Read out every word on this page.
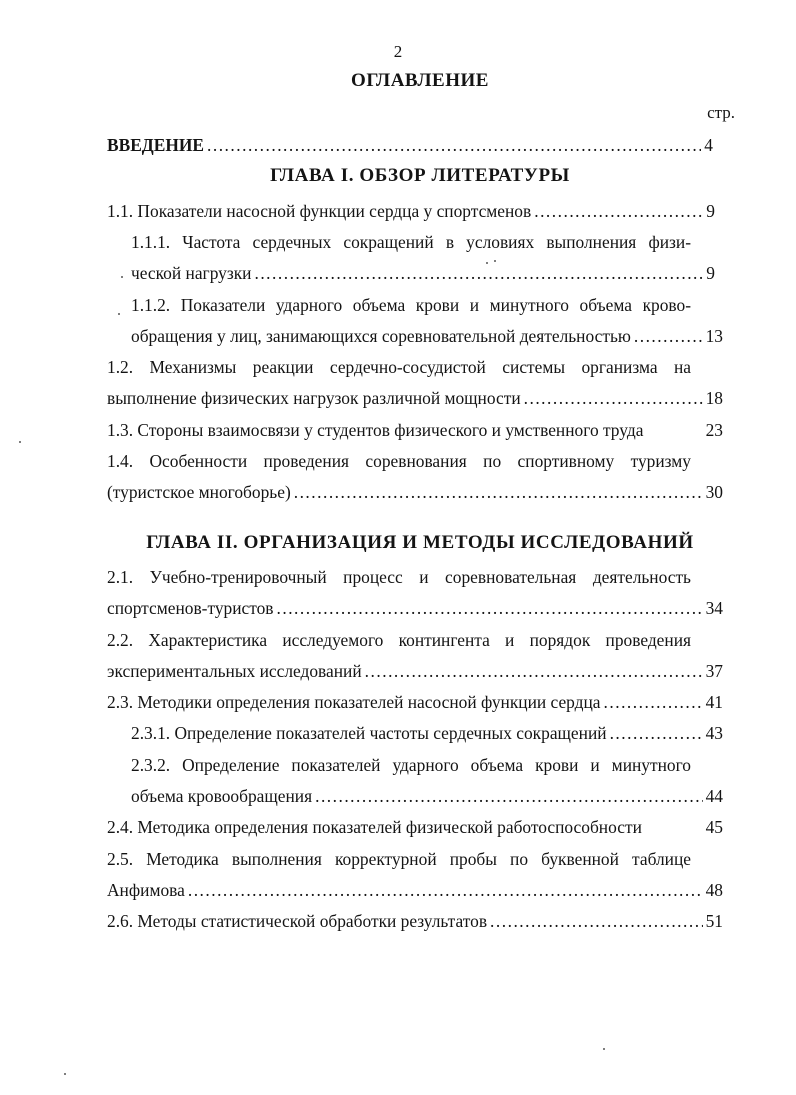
2
ОГЛАВЛЕНИЕ
стр.
ВВЕДЕНИЕ .....	4
ГЛАВА I. ОБЗОР ЛИТЕРАТУРЫ
1.1. Показатели насосной функции сердца у спортсменов .....	9
1.1.1. Частота сердечных сокращений в условиях выполнения физи-
ческой нагрузки .....	9
1.1.2. Показатели ударного объема крови и минутного объема крово-
обращения у лиц, занимающихся соревновательной деятельностью .....	13
1.2. Механизмы реакции сердечно-сосудистой системы организма на
выполнение физических нагрузок различной мощности .....	18
1.3. Стороны взаимосвязи у студентов физического и умственного труда	23
1.4. Особенности проведения соревнования по спортивному туризму
(туристское многоборье) .....	30
ГЛАВА II. ОРГАНИЗАЦИЯ И МЕТОДЫ ИССЛЕДОВАНИЙ
2.1. Учебно-тренировочный процесс и соревновательная деятельность
спортсменов-туристов .....	34
2.2. Характеристика исследуемого контингента и порядок проведения
экспериментальных исследований .....	37
2.3. Методики определения показателей насосной функции сердца .....	41
2.3.1. Определение показателей частоты сердечных сокращений .....	43
2.3.2. Определение показателей ударного объема крови и минутного
объема кровообращения .....	44
2.4. Методика определения показателей физической работоспособности	45
2.5. Методика выполнения корректурной пробы по буквенной таблице
Анфимова .....	48
2.6. Методы статистической обработки результатов .....	51
